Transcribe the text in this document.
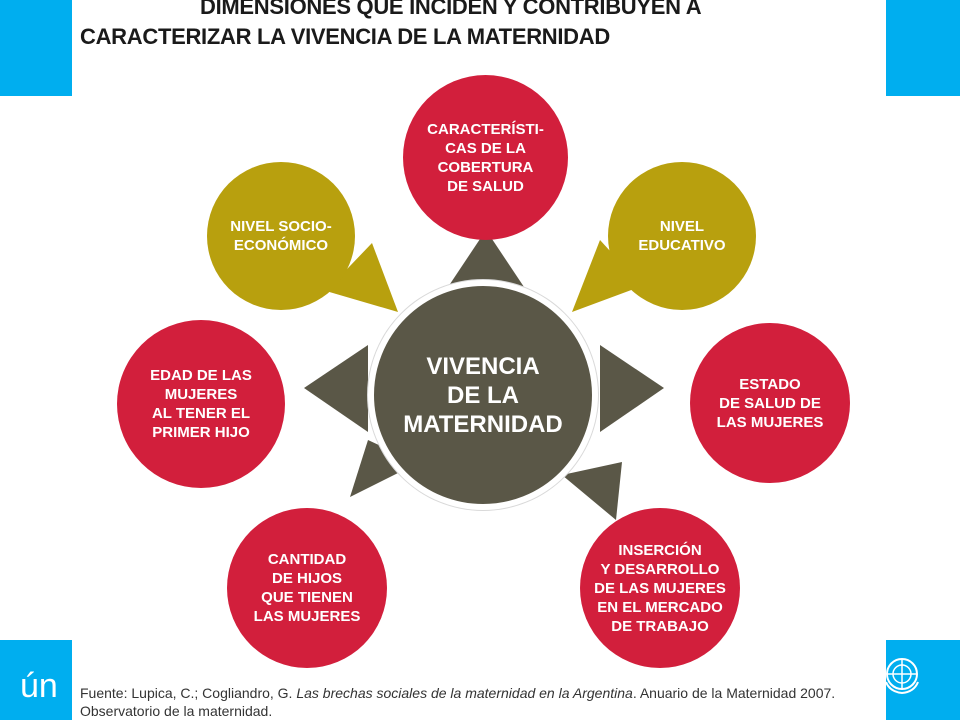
ún
DIMENSIONES QUE INCIDEN Y CONTRIBUYEN A
CARACTERIZAR LA VIVENCIA DE LA MATERNIDAD
CARACTERÍSTI-
CAS DE LA
COBERTURA
DE SALUD
NIVEL
EDUCATIVO
ESTADO
DE SALUD DE
LAS MUJERES
INSERCIÓN
Y DESARROLLO
DE LAS MUJERES
EN EL MERCADO
DE TRABAJO
CANTIDAD
DE HIJOS
QUE TIENEN
LAS MUJERES
EDAD DE LAS
MUJERES
AL TENER EL
PRIMER HIJO
NIVEL SOCIO-
ECONÓMICO
VIVENCIA
DE LA
MATERNIDAD
Fuente: Lupica, C.; Cogliandro, G. Las brechas sociales de la maternidad en la Argentina. Anuario de la Maternidad 2007. Observatorio de la maternidad.
